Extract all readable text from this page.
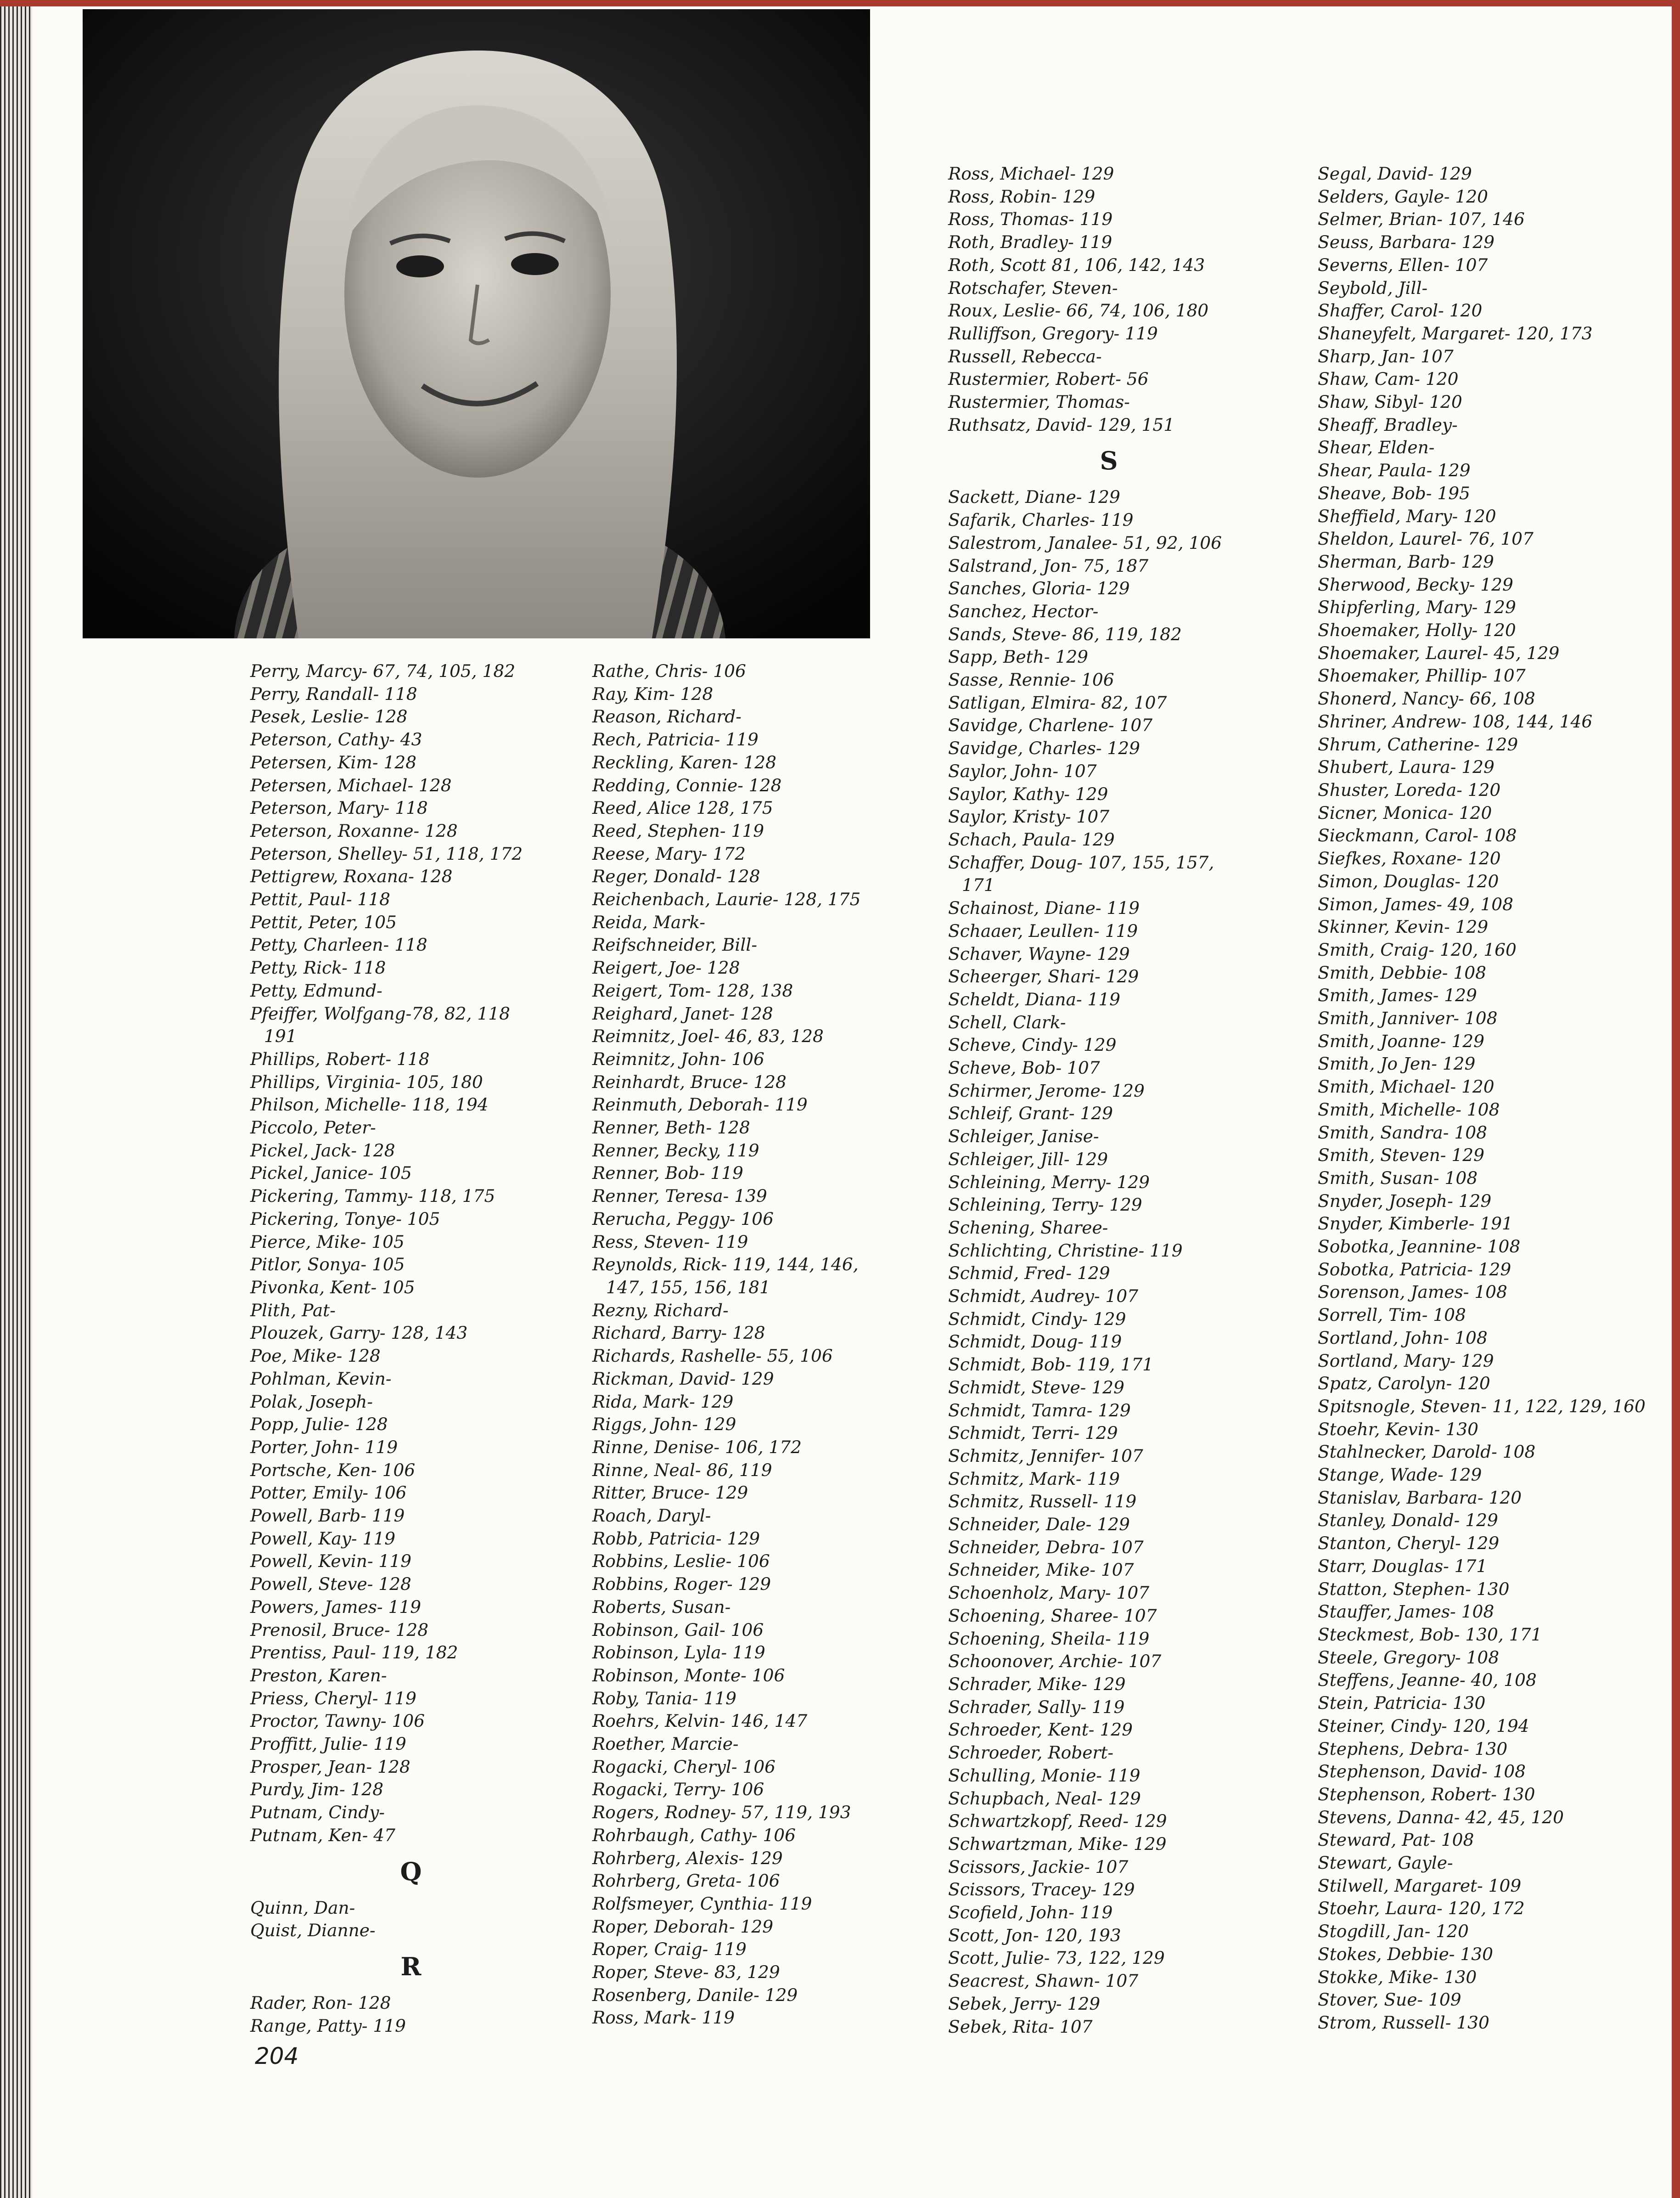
Perry, Marcy- 67, 74, 105, 182
Perry, Randall- 118
Pesek, Leslie- 128
Peterson, Cathy- 43
Petersen, Kim- 128
Petersen, Michael- 128
Peterson, Mary- 118
Peterson, Roxanne- 128
Peterson, Shelley- 51, 118, 172
Pettigrew, Roxana- 128
Pettit, Paul- 118
Pettit, Peter, 105
Petty, Charleen- 118
Petty, Rick- 118
Petty, Edmund-
Pfeiffer, Wolfgang-78, 82, 118
191
Phillips, Robert- 118
Phillips, Virginia- 105, 180
Philson, Michelle- 118, 194
Piccolo, Peter-
Pickel, Jack- 128
Pickel, Janice- 105
Pickering, Tammy- 118, 175
Pickering, Tonye- 105
Pierce, Mike- 105
Pitlor, Sonya- 105
Pivonka, Kent- 105
Plith, Pat-
Plouzek, Garry- 128, 143
Poe, Mike- 128
Pohlman, Kevin-
Polak, Joseph-
Popp, Julie- 128
Porter, John- 119
Portsche, Ken- 106
Potter, Emily- 106
Powell, Barb- 119
Powell, Kay- 119
Powell, Kevin- 119
Powell, Steve- 128
Powers, James- 119
Prenosil, Bruce- 128
Prentiss, Paul- 119, 182
Preston, Karen-
Priess, Cheryl- 119
Proctor, Tawny- 106
Proffitt, Julie- 119
Prosper, Jean- 128
Purdy, Jim- 128
Putnam, Cindy-
Putnam, Ken- 47
Q
Quinn, Dan-
Quist, Dianne-
R
Rader, Ron- 128
Range, Patty- 119
Rathe, Chris- 106
Ray, Kim- 128
Reason, Richard-
Rech, Patricia- 119
Reckling, Karen- 128
Redding, Connie- 128
Reed, Alice 128, 175
Reed, Stephen- 119
Reese, Mary- 172
Reger, Donald- 128
Reichenbach, Laurie- 128, 175
Reida, Mark-
Reifschneider, Bill-
Reigert, Joe- 128
Reigert, Tom- 128, 138
Reighard, Janet- 128
Reimnitz, Joel- 46, 83, 128
Reimnitz, John- 106
Reinhardt, Bruce- 128
Reinmuth, Deborah- 119
Renner, Beth- 128
Renner, Becky, 119
Renner, Bob- 119
Renner, Teresa- 139
Rerucha, Peggy- 106
Ress, Steven- 119
Reynolds, Rick- 119, 144, 146,
147, 155, 156, 181
Rezny, Richard-
Richard, Barry- 128
Richards, Rashelle- 55, 106
Rickman, David- 129
Rida, Mark- 129
Riggs, John- 129
Rinne, Denise- 106, 172
Rinne, Neal- 86, 119
Ritter, Bruce- 129
Roach, Daryl-
Robb, Patricia- 129
Robbins, Leslie- 106
Robbins, Roger- 129
Roberts, Susan-
Robinson, Gail- 106
Robinson, Lyla- 119
Robinson, Monte- 106
Roby, Tania- 119
Roehrs, Kelvin- 146, 147
Roether, Marcie-
Rogacki, Cheryl- 106
Rogacki, Terry- 106
Rogers, Rodney- 57, 119, 193
Rohrbaugh, Cathy- 106
Rohrberg, Alexis- 129
Rohrberg, Greta- 106
Rolfsmeyer, Cynthia- 119
Roper, Deborah- 129
Roper, Craig- 119
Roper, Steve- 83, 129
Rosenberg, Danile- 129
Ross, Mark- 119
Ross, Michael- 129
Ross, Robin- 129
Ross, Thomas- 119
Roth, Bradley- 119
Roth, Scott 81, 106, 142, 143
Rotschafer, Steven-
Roux, Leslie- 66, 74, 106, 180
Rulliffson, Gregory- 119
Russell, Rebecca-
Rustermier, Robert- 56
Rustermier, Thomas-
Ruthsatz, David- 129, 151
S
Sackett, Diane- 129
Safarik, Charles- 119
Salestrom, Janalee- 51, 92, 106
Salstrand, Jon- 75, 187
Sanches, Gloria- 129
Sanchez, Hector-
Sands, Steve- 86, 119, 182
Sapp, Beth- 129
Sasse, Rennie- 106
Satligan, Elmira- 82, 107
Savidge, Charlene- 107
Savidge, Charles- 129
Saylor, John- 107
Saylor, Kathy- 129
Saylor, Kristy- 107
Schach, Paula- 129
Schaffer, Doug- 107, 155, 157,
171
Schainost, Diane- 119
Schaaer, Leullen- 119
Schaver, Wayne- 129
Scheerger, Shari- 129
Scheldt, Diana- 119
Schell, Clark-
Scheve, Cindy- 129
Scheve, Bob- 107
Schirmer, Jerome- 129
Schleif, Grant- 129
Schleiger, Janise-
Schleiger, Jill- 129
Schleining, Merry- 129
Schleining, Terry- 129
Schening, Sharee-
Schlichting, Christine- 119
Schmid, Fred- 129
Schmidt, Audrey- 107
Schmidt, Cindy- 129
Schmidt, Doug- 119
Schmidt, Bob- 119, 171
Schmidt, Steve- 129
Schmidt, Tamra- 129
Schmidt, Terri- 129
Schmitz, Jennifer- 107
Schmitz, Mark- 119
Schmitz, Russell- 119
Schneider, Dale- 129
Schneider, Debra- 107
Schneider, Mike- 107
Schoenholz, Mary- 107
Schoening, Sharee- 107
Schoening, Sheila- 119
Schoonover, Archie- 107
Schrader, Mike- 129
Schrader, Sally- 119
Schroeder, Kent- 129
Schroeder, Robert-
Schulling, Monie- 119
Schupbach, Neal- 129
Schwartzkopf, Reed- 129
Schwartzman, Mike- 129
Scissors, Jackie- 107
Scissors, Tracey- 129
Scofield, John- 119
Scott, Jon- 120, 193
Scott, Julie- 73, 122, 129
Seacrest, Shawn- 107
Sebek, Jerry- 129
Sebek, Rita- 107
Segal, David- 129
Selders, Gayle- 120
Selmer, Brian- 107, 146
Seuss, Barbara- 129
Severns, Ellen- 107
Seybold, Jill-
Shaffer, Carol- 120
Shaneyfelt, Margaret- 120, 173
Sharp, Jan- 107
Shaw, Cam- 120
Shaw, Sibyl- 120
Sheaff, Bradley-
Shear, Elden-
Shear, Paula- 129
Sheave, Bob- 195
Sheffield, Mary- 120
Sheldon, Laurel- 76, 107
Sherman, Barb- 129
Sherwood, Becky- 129
Shipferling, Mary- 129
Shoemaker, Holly- 120
Shoemaker, Laurel- 45, 129
Shoemaker, Phillip- 107
Shonerd, Nancy- 66, 108
Shriner, Andrew- 108, 144, 146
Shrum, Catherine- 129
Shubert, Laura- 129
Shuster, Loreda- 120
Sicner, Monica- 120
Sieckmann, Carol- 108
Siefkes, Roxane- 120
Simon, Douglas- 120
Simon, James- 49, 108
Skinner, Kevin- 129
Smith, Craig- 120, 160
Smith, Debbie- 108
Smith, James- 129
Smith, Janniver- 108
Smith, Joanne- 129
Smith, Jo Jen- 129
Smith, Michael- 120
Smith, Michelle- 108
Smith, Sandra- 108
Smith, Steven- 129
Smith, Susan- 108
Snyder, Joseph- 129
Snyder, Kimberle- 191
Sobotka, Jeannine- 108
Sobotka, Patricia- 129
Sorenson, James- 108
Sorrell, Tim- 108
Sortland, John- 108
Sortland, Mary- 129
Spatz, Carolyn- 120
Spitsnogle, Steven- 11, 122, 129, 160
Stoehr, Kevin- 130
Stahlnecker, Darold- 108
Stange, Wade- 129
Stanislav, Barbara- 120
Stanley, Donald- 129
Stanton, Cheryl- 129
Starr, Douglas- 171
Statton, Stephen- 130
Stauffer, James- 108
Steckmest, Bob- 130, 171
Steele, Gregory- 108
Steffens, Jeanne- 40, 108
Stein, Patricia- 130
Steiner, Cindy- 120, 194
Stephens, Debra- 130
Stephenson, David- 108
Stephenson, Robert- 130
Stevens, Danna- 42, 45, 120
Steward, Pat- 108
Stewart, Gayle-
Stilwell, Margaret- 109
Stoehr, Laura- 120, 172
Stogdill, Jan- 120
Stokes, Debbie- 130
Stokke, Mike- 130
Stover, Sue- 109
Strom, Russell- 130
204
